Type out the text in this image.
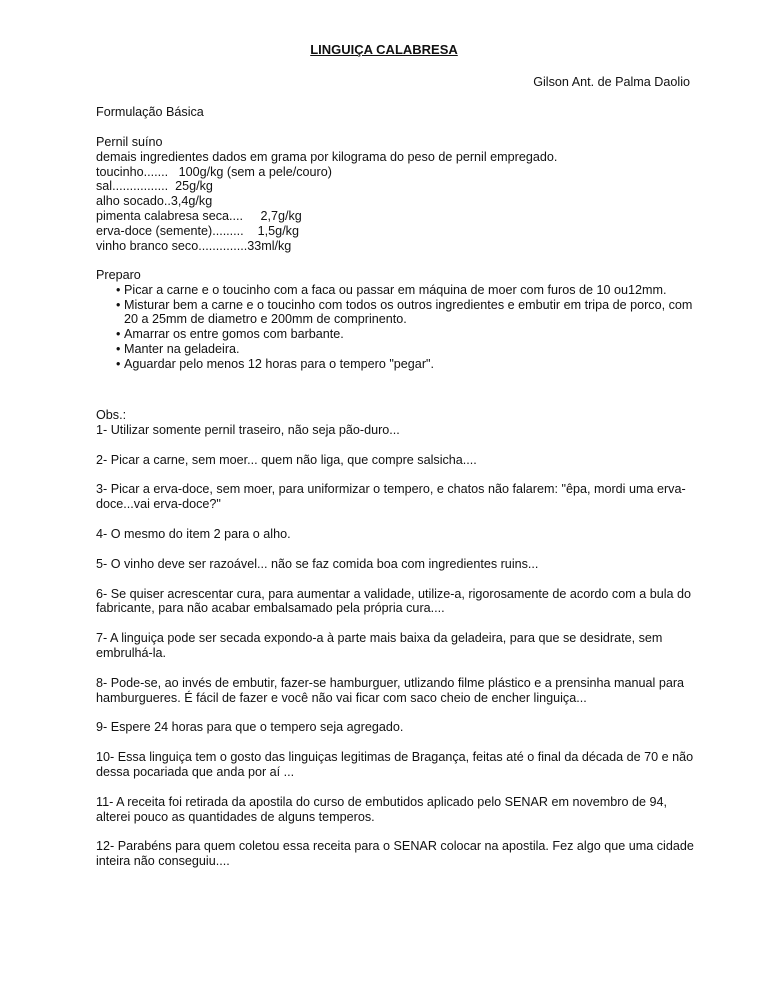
LINGUIÇA CALABRESA
Gilson Ant. de Palma Daolio
Formulação Básica
Pernil suíno
demais ingredientes dados em grama por kilograma do peso de pernil empregado.
toucinho.......   100g/kg (sem a pele/couro)
sal................  25g/kg
alho socado..3,4g/kg
pimenta calabresa seca....     2,7g/kg
erva-doce (semente).........    1,5g/kg
vinho branco seco..............33ml/kg
Preparo
• Picar a carne e o toucinho com a faca ou passar em máquina de moer com furos de 10 ou12mm.
• Misturar bem a carne e o toucinho com todos os outros ingredientes e embutir em tripa de porco, com 20 a 25mm de diametro e 200mm de comprinento.
• Amarrar os entre gomos com barbante.
• Manter na geladeira.
• Aguardar pelo menos 12 horas para o tempero "pegar".

Obs.:

1- Utilizar somente pernil traseiro, não seja pão-duro...

2- Picar a carne, sem moer... quem não liga, que compre salsicha....

3- Picar a erva-doce, sem moer, para uniformizar o tempero, e chatos não falarem: "êpa, mordi uma erva-doce...vai erva-doce?"

4- O mesmo do item 2 para o alho.

5- O vinho deve ser razoável... não se faz comida boa com ingredientes ruins...

6- Se quiser acrescentar cura, para aumentar a validade, utilize-a, rigorosamente de acordo com a bula do fabricante, para não acabar embalsamado pela própria cura....

7- A linguiça pode ser secada expondo-a à parte mais baixa da geladeira, para que se desidrate, sem embrulhá-la.

8- Pode-se, ao invés de embutir, fazer-se hamburguer, utlizando filme plástico e a prensinha manual para hamburgueres. É fácil de fazer e você não vai ficar com saco cheio de encher linguiça...

9- Espere 24 horas para que o tempero seja agregado.

10- Essa linguiça tem o gosto das linguiças legitimas de Bragança, feitas até o final da década de 70 e não dessa pocariada que anda por aí ...

11- A receita foi retirada da apostila do curso de embutidos aplicado pelo SENAR em novembro de 94, alterei pouco as quantidades de alguns temperos.

12- Parabéns para quem coletou essa receita para o SENAR colocar na apostila. Fez algo que uma cidade inteira não conseguiu....
